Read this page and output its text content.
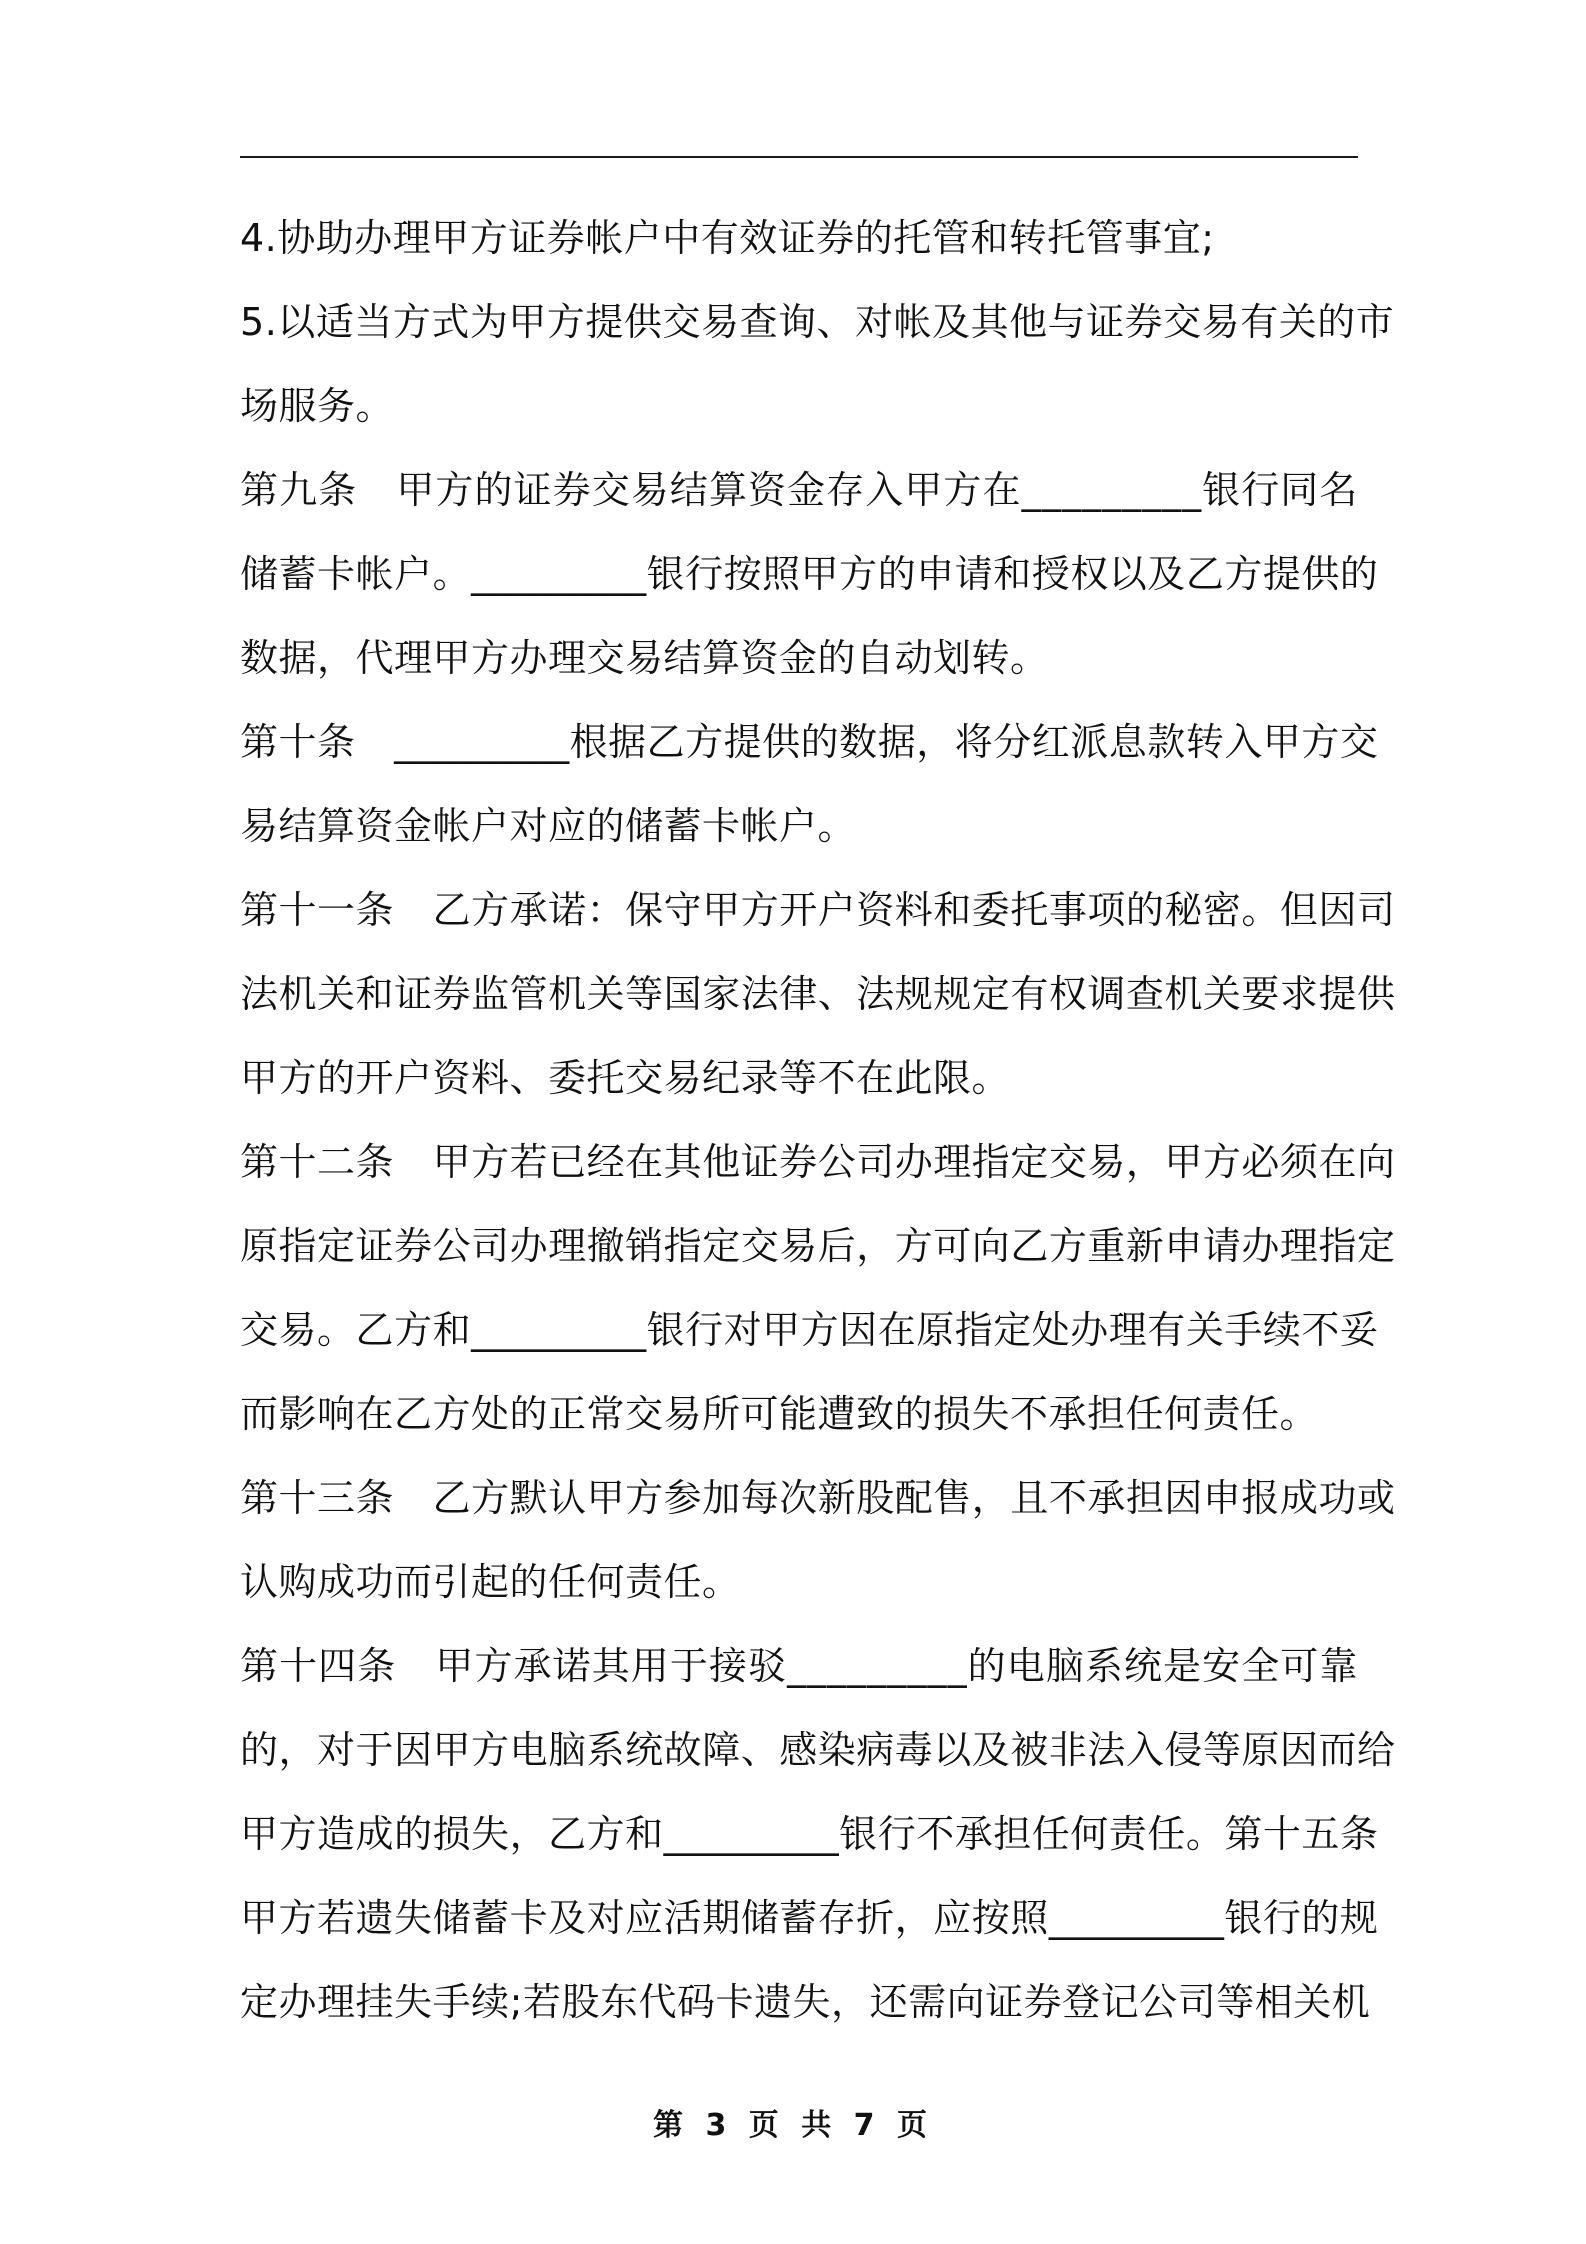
4.协助办理甲方证券帐户中有效证券的托管和转托管事宜;
5 . 以 适 当 方 式 为 甲 方 提 供 交 易 查 询 、 对 帐 及 其 他 与 证 券 交 易 有 关 的 市
场服务。
第 九 条
　 甲 方 的 证 券 交 易 结 算 资 金 存 入 甲 方 在 _ _ _ _ _ _ _ _ _ 银 行 同 名
储 蓄 卡 帐 户 。 _ _ _ _ _ _ _ _ _ 银 行 按 照 甲 方 的 申 请 和 授 权 以 及 乙 方 提 供 的
数据，代理甲方办理交易结算资金的自动划转。
第 十 条
　 _ _ _ _ _ _ _ _ _ 根 据 乙 方 提 供 的 数 据 ， 将 分 红 派 息 款 转 入 甲 方 交
易结算资金帐户对应的储蓄卡帐户。
第 十 一 条
　 乙 方 承 诺 ： 保 守 甲 方 开 户 资 料 和 委 托 事 项 的 秘 密 。 但 因 司
法 机 关 和 证 券 监 管 机 关 等 国 家 法 律 、 法 规 规 定 有 权 调 查 机 关 要 求 提 供
甲方的开户资料、委托交易纪录等不在此限。
第 十 二 条
　 甲 方 若 已 经 在 其 他 证 券 公 司 办 理 指 定 交 易 ， 甲 方 必 须 在 向
原 指 定 证 券 公 司 办 理 撤 销 指 定 交 易 后 ， 方 可 向 乙 方 重 新 申 请 办 理 指 定
交 易 。 乙 方 和 _ _ _ _ _ _ _ _ _ 银 行 对 甲 方 因 在 原 指 定 处 办 理 有 关 手 续 不 妥
而影响在乙方处的正常交易所可能遭致的损失不承担任何责任。
第 十 三 条
　 乙 方 默 认 甲 方 参 加 每 次 新 股 配 售 ， 且 不 承 担 因 申 报 成 功 或
认购成功而引起的任何责任。
第 十 四 条
　 甲 方 承 诺 其 用 于 接 驳 _ _ _ _ _ _ _ _ _ 的 电 脑 系 统 是 安 全 可 靠
的 ， 对 于 因 甲 方 电 脑 系 统 故 障 、 感 染 病 毒 以 及 被 非 法 入 侵 等 原 因 而 给
甲 方 造 成 的 损 失 ， 乙 方 和 _ _ _ _ _ _ _ _ _ 银 行 不 承 担 任 何 责 任 。 第 十 五 条
甲 方 若 遗 失 储 蓄 卡 及 对 应 活 期 储 蓄 存 折 ， 应 按 照 _ _ _ _ _ _ _ _ _ 银 行 的 规
定 办 理 挂 失 手 续 ; 若 股 东 代 码 卡 遗 失 ， 还 需 向 证 券 登 记 公 司 等 相 关 机
第 3 页 共 7 页
